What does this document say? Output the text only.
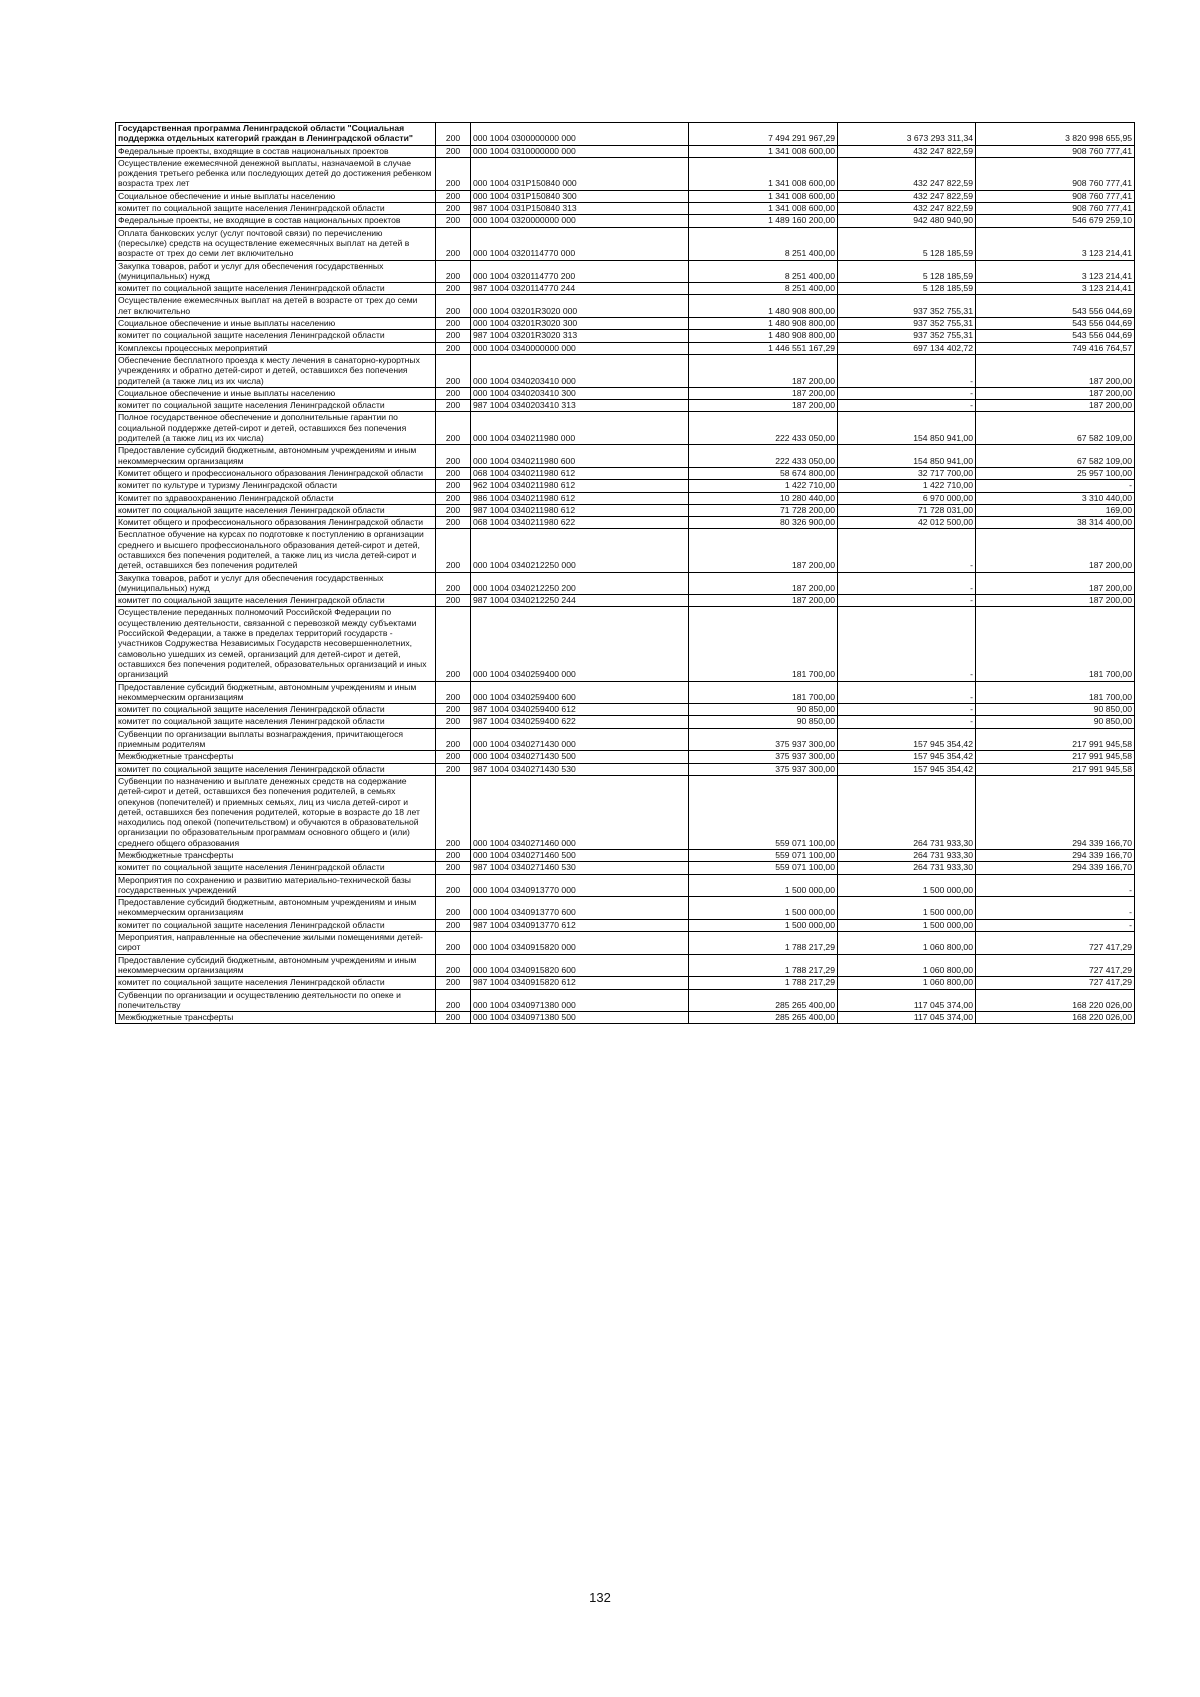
Государственная программа Ленинградской области "Социальная поддержка отдельных категорий граждан в Ленинградской области"	200	000 1004 0300000000 000	7 494 291 967,29	3 673 293 311,34	3 820 998 655,95
Федеральные проекты, входящие в состав национальных проектов	200	000 1004 0310000000 000	1 341 008 600,00	432 247 822,59	908 760 777,41
Осуществление ежемесячной денежной выплаты, назначаемой в случае рождения третьего ребенка или последующих детей до достижения ребенком возраста трех лет	200	000 1004 031P150840 000	1 341 008 600,00	432 247 822,59	908 760 777,41
Социальное обеспечение и иные выплаты населению	200	000 1004 031P150840 300	1 341 008 600,00	432 247 822,59	908 760 777,41
комитет по социальной защите населения Ленинградской области	200	987 1004 031P150840 313	1 341 008 600,00	432 247 822,59	908 760 777,41
Федеральные проекты, не входящие в состав национальных проектов	200	000 1004 0320000000 000	1 489 160 200,00	942 480 940,90	546 679 259,10
Оплата банковских услуг (услуг почтовой связи) по перечислению (пересылке) средств на осуществление ежемесячных выплат на детей в возрасте от трех до семи лет включительно	200	000 1004 0320114770 000	8 251 400,00	5 128 185,59	3 123 214,41
Закупка товаров, работ и услуг для обеспечения государственных (муниципальных) нужд	200	000 1004 0320114770 200	8 251 400,00	5 128 185,59	3 123 214,41
комитет по социальной защите населения Ленинградской области	200	987 1004 0320114770 244	8 251 400,00	5 128 185,59	3 123 214,41
Осуществление ежемесячных выплат на детей в возрасте от трех до семи лет включительно	200	000 1004 03201R3020 000	1 480 908 800,00	937 352 755,31	543 556 044,69
Социальное обеспечение и иные выплаты населению	200	000 1004 03201R3020 300	1 480 908 800,00	937 352 755,31	543 556 044,69
комитет по социальной защите населения Ленинградской области	200	987 1004 03201R3020 313	1 480 908 800,00	937 352 755,31	543 556 044,69
Комплексы процессных мероприятий	200	000 1004 0340000000 000	1 446 551 167,29	697 134 402,72	749 416 764,57
Обеспечение бесплатного проезда к месту лечения в санаторно-курортных учреждениях и обратно детей-сирот и детей, оставшихся без попечения родителей (а также лиц из их числа)	200	000 1004 0340203410 000	187 200,00	-	187 200,00
Социальное обеспечение и иные выплаты населению	200	000 1004 0340203410 300	187 200,00	-	187 200,00
комитет по социальной защите населения Ленинградской области	200	987 1004 0340203410 313	187 200,00	-	187 200,00
Полное государственное обеспечение и дополнительные гарантии по социальной поддержке детей-сирот и детей, оставшихся без попечения родителей (а также лиц из их числа)	200	000 1004 0340211980 000	222 433 050,00	154 850 941,00	67 582 109,00
Предоставление субсидий бюджетным, автономным учреждениям и иным некоммерческим организациям	200	000 1004 0340211980 600	222 433 050,00	154 850 941,00	67 582 109,00
Комитет общего и профессионального образования Ленинградской области	200	068 1004 0340211980 612	58 674 800,00	32 717 700,00	25 957 100,00
комитет по культуре и туризму Ленинградской области	200	962 1004 0340211980 612	1 422 710,00	1 422 710,00	-
Комитет по здравоохранению Ленинградской области	200	986 1004 0340211980 612	10 280 440,00	6 970 000,00	3 310 440,00
комитет по социальной защите населения Ленинградской области	200	987 1004 0340211980 612	71 728 200,00	71 728 031,00	169,00
Комитет общего и профессионального образования Ленинградской области	200	068 1004 0340211980 622	80 326 900,00	42 012 500,00	38 314 400,00
Бесплатное обучение на курсах по подготовке к поступлению в организации среднего и высшего профессионального образования детей-сирот и детей, оставшихся без попечения родителей, а также лиц из числа детей-сирот и детей, оставшихся без попечения родителей	200	000 1004 0340212250 000	187 200,00	-	187 200,00
Закупка товаров, работ и услуг для обеспечения государственных (муниципальных) нужд	200	000 1004 0340212250 200	187 200,00	-	187 200,00
комитет по социальной защите населения Ленинградской области	200	987 1004 0340212250 244	187 200,00	-	187 200,00
Осуществление переданных полномочий Российской Федерации по осуществлению деятельности, связанной с перевозкой между субъектами Российской Федерации, а также в пределах территорий государств - участников Содружества Независимых Государств несовершеннолетних, самовольно ушедших из семей, организаций для детей-сирот и детей, оставшихся без попечения родителей, образовательных организаций и иных организаций	200	000 1004 0340259400 000	181 700,00	-	181 700,00
Предоставление субсидий бюджетным, автономным учреждениям и иным некоммерческим организациям	200	000 1004 0340259400 600	181 700,00	-	181 700,00
комитет по социальной защите населения Ленинградской области	200	987 1004 0340259400 612	90 850,00	-	90 850,00
комитет по социальной защите населения Ленинградской области	200	987 1004 0340259400 622	90 850,00	-	90 850,00
Субвенции по организации выплаты вознаграждения, причитающегося приемным родителям	200	000 1004 0340271430 000	375 937 300,00	157 945 354,42	217 991 945,58
Межбюджетные трансферты	200	000 1004 0340271430 500	375 937 300,00	157 945 354,42	217 991 945,58
комитет по социальной защите населения Ленинградской области	200	987 1004 0340271430 530	375 937 300,00	157 945 354,42	217 991 945,58
Субвенции по назначению и выплате денежных средств на содержание детей-сирот и детей, оставшихся без попечения родителей, в семьях опекунов (попечителей) и приемных семьях, лиц из числа детей-сирот и детей, оставшихся без попечения родителей, которые в возрасте до 18 лет находились под опекой (попечительством) и обучаются в образовательной организации по образовательным программам основного общего и (или) среднего общего образования	200	000 1004 0340271460 000	559 071 100,00	264 731 933,30	294 339 166,70
Межбюджетные трансферты	200	000 1004 0340271460 500	559 071 100,00	264 731 933,30	294 339 166,70
комитет по социальной защите населения Ленинградской области	200	987 1004 0340271460 530	559 071 100,00	264 731 933,30	294 339 166,70
Мероприятия по сохранению и развитию материально-технической базы государственных учреждений	200	000 1004 0340913770 000	1 500 000,00	1 500 000,00	-
Предоставление субсидий бюджетным, автономным учреждениям и иным некоммерческим организациям	200	000 1004 0340913770 600	1 500 000,00	1 500 000,00	-
комитет по социальной защите населения Ленинградской области	200	987 1004 0340913770 612	1 500 000,00	1 500 000,00	-
Мероприятия, направленные на обеспечение жилыми помещениями детей-сирот	200	000 1004 0340915820 000	1 788 217,29	1 060 800,00	727 417,29
Предоставление субсидий бюджетным, автономным учреждениям и иным некоммерческим организациям	200	000 1004 0340915820 600	1 788 217,29	1 060 800,00	727 417,29
комитет по социальной защите населения Ленинградской области	200	987 1004 0340915820 612	1 788 217,29	1 060 800,00	727 417,29
Субвенции по организации и осуществлению деятельности по опеке и попечительству	200	000 1004 0340971380 000	285 265 400,00	117 045 374,00	168 220 026,00
Межбюджетные трансферты	200	000 1004 0340971380 500	285 265 400,00	117 045 374,00	168 220 026,00
132
